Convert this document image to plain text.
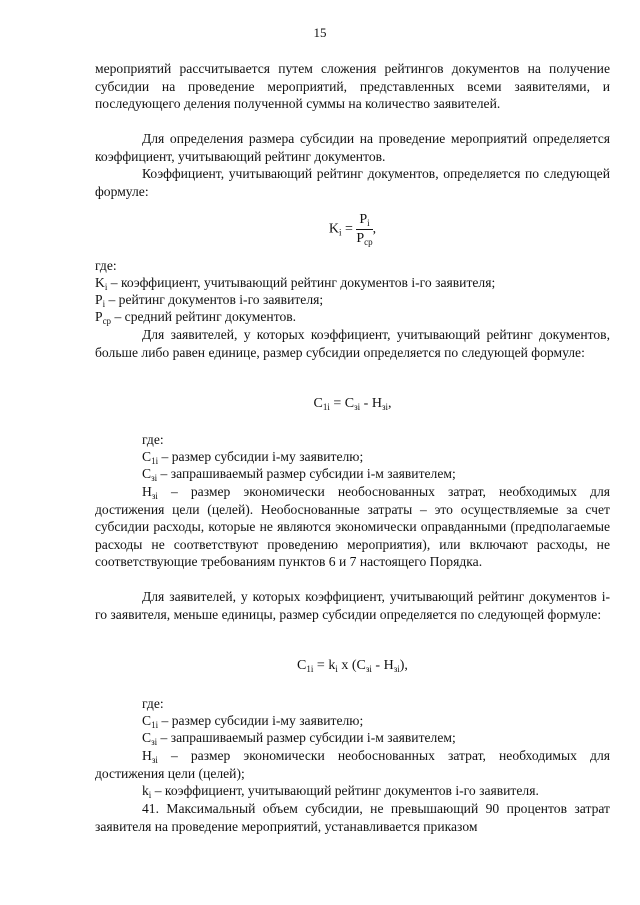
15

мероприятий рассчитывается путем сложения рейтингов документов на получение субсидии на проведение мероприятий, представленных всеми заявителями, и последующего деления полученной суммы на количество заявителей.

Для определения размера субсидии на проведение мероприятий определяется коэффициент, учитывающий рейтинг документов.

Коэффициент, учитывающий рейтинг документов, определяется по следующей формуле:

$K_i = \frac{P_i}{P_{ср}}$ ,

где:

$K_i$ – коэффициент, учитывающий рейтинг документов i-го заявителя;

$P_i$ – рейтинг документов i-го заявителя;

$P_{ср}$ – средний рейтинг документов.

Для заявителей, у которых коэффициент, учитывающий рейтинг документов, больше либо равен единице, размер субсидии определяется по следующей формуле:

$С_{1i} = С_{зi} - Н_{зi}$,

где:

$С_{1i}$ – размер субсидии i-му заявителю;

$С_{зi}$ – запрашиваемый размер субсидии i-м заявителем;

$Н_{зi}$ – размер экономически необоснованных затрат, необходимых для достижения цели (целей). Необоснованные затраты – это осуществляемые за счет субсидии расходы, которые не являются экономически оправданными (предполагаемые расходы не соответствуют проведению мероприятия), или включают расходы, не соответствующие требованиям пунктов 6 и 7 настоящего Порядка.

Для заявителей, у которых коэффициент, учитывающий рейтинг документов i-го заявителя, меньше единицы, размер субсидии определяется по следующей формуле:

$С_{1i} = k_i$ х $(С_{зi} - Н_{зi})$,

где:

$С_{1i}$ – размер субсидии i-му заявителю;

$С_{зi}$ – запрашиваемый размер субсидии i-м заявителем;

$Н_{зi}$ – размер экономически необоснованных затрат, необходимых для достижения цели (целей);

$k_i$ – коэффициент, учитывающий рейтинг документов i-го заявителя.

41. Максимальный объем субсидии, не превышающий 90 процентов затрат заявителя на проведение мероприятий, устанавливается приказом
